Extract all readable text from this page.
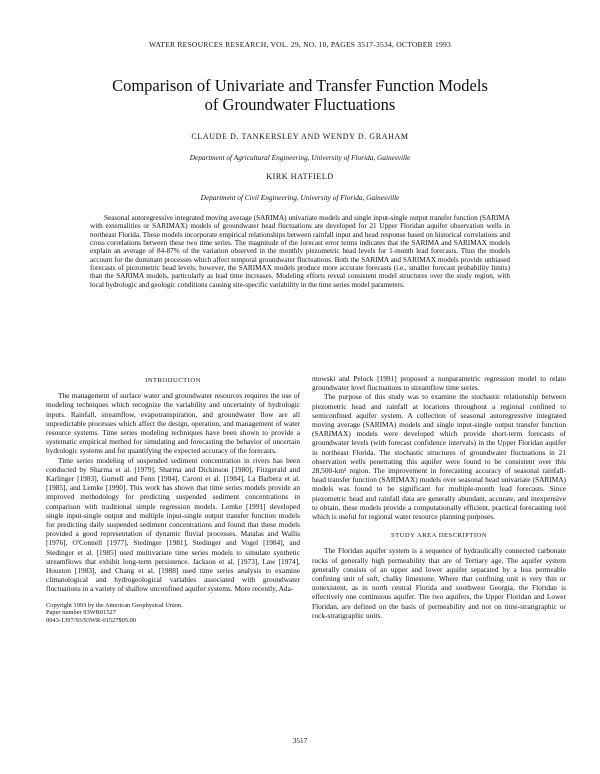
WATER RESOURCES RESEARCH, VOL. 29, NO. 10, PAGES 3517-3534, OCTOBER 1993
Comparison of Univariate and Transfer Function Models
of Groundwater Fluctuations
CLAUDE D. TANKERSLEY AND WENDY D. GRAHAM
Department of Agricultural Engineering, University of Florida, Gainesville
KIRK HATFIELD
Department of Civil Engineering, University of Florida, Gainesville

Seasonal autoregressive integrated moving average (SARIMA) univariate models and single input-single output transfer function (SARIMA with externalities or SARIMAX) models of groundwater head fluctuations are developed for 21 Upper Floridan aquifer observation wells in northeast Florida. These models incorporate empirical relationships between rainfall input and head response based on historical correlations and cross correlations between these two time series. The magnitude of the forecast error terms indicates that the SARIMA and SARIMAX models explain an average of 84-87% of the variation observed in the monthly piezometric head levels for 1-month lead forecasts. Thus the models account for the dominant processes which affect temporal groundwater fluctuations. Both the SARIMA and SARIMAX models provide unbiased forecasts of piezometric head levels; however, the SARIMAX models produce more accurate forecasts (i.e., smaller forecast probability limits) than the SARIMA models, particularly as lead time increases. Modeling efforts reveal consistent model structures over the study region, with local hydrologic and geologic conditions causing site-specific variability in the time series model parameters.

INTRODUCTION

The management of surface water and groundwater resources requires the use of modeling techniques which recognize the variability and uncertainty of hydrologic inputs. Rainfall, streamflow, evapotranspiration, and groundwater flow are all unpredictable processes which affect the design, operation, and management of water resource systems. Time series modeling techniques have been shown to provide a systematic empirical method for simulating and forecasting the behavior of uncertain hydrologic systems and for quantifying the expected accuracy of the forecasts.

Time series modeling of suspended sediment concentration in rivers has been conducted by Sharma et al. [1979], Sharma and Dickinson [1980], Fitzgerald and Karlinger [1983], Gurnell and Fenn [1984], Caroni et al. [1984], La Barbera et al. [1985], and Lemke [1990]. This work has shown that time series models provide an improved methodology for predicting suspended sediment concentrations in comparison with traditional simple regression models. Lemke [1991] developed single input-single output and multiple input-single output transfer function models for predicting daily suspended sediment concentrations and found that these models provided a good representation of dynamic fluvial processes. Matalas and Wallis [1976], O'Connell [1977], Stedinger [1981], Stedinger and Vogel [1984], and Stedinger et al. [1985] used multivariate time series models to simulate synthetic streamflows that exhibit long-term persistence. Jackson et al. [1973], Law [1974], Houston [1983], and Chang et al. [1988] used time series analysis to examine climatological and hydrogeological variables associated with groundwater fluctuations in a variety of shallow unconfined aquifer systems. More recently, Ada-

Copyright 1993 by the American Geophysical Union.
Paper number 93WR01527
0043-1397/93/93WR-01527$05.00

mowski and Pelock [1991] proposed a nonparametric regression model to relate groundwater level fluctuations to streamflow time series.

The purpose of this study was to examine the stochastic relationship between piezometric head and rainfall at locations throughout a regional confined to semiconfined aquifer system. A collection of seasonal autoregressive integrated moving average (SARIMA) models and single input-single output transfer function (SARIMAX) models were developed which provide short-term forecasts of groundwater levels (with forecast confidence intervals) in the Upper Floridan aquifer in northeast Florida. The stochastic structures of groundwater fluctuations in 21 observation wells penetrating this aquifer were found to be consistent over this 28,500-km² region. The improvement in forecasting accuracy of seasonal rainfall-head transfer function (SARIMAX) models over seasonal head univariate (SARIMA) models was found to be significant for multiple-month lead forecasts. Since piezometric head and rainfall data are generally abundant, accurate, and inexpensive to obtain, these models provide a computationally efficient, practical forecasting tool which is useful for regional water resource planning purposes.

STUDY AREA DESCRIPTION

The Floridan aquifer system is a sequence of hydraulically connected carbonate rocks of generally high permeability that are of Tertiary age. The aquifer system generally consists of an upper and lower aquifer separated by a less permeable confining unit of soft, chalky limestone. Where that confining unit is very thin or nonexistent, as in north central Florida and southwest Georgia, the Floridan is effectively one continuous aquifer. The two aquifers, the Upper Floridan and Lower Floridan, are defined on the basis of permeability and not on time-stratigraphic or rock-stratigraphic units.

3517
